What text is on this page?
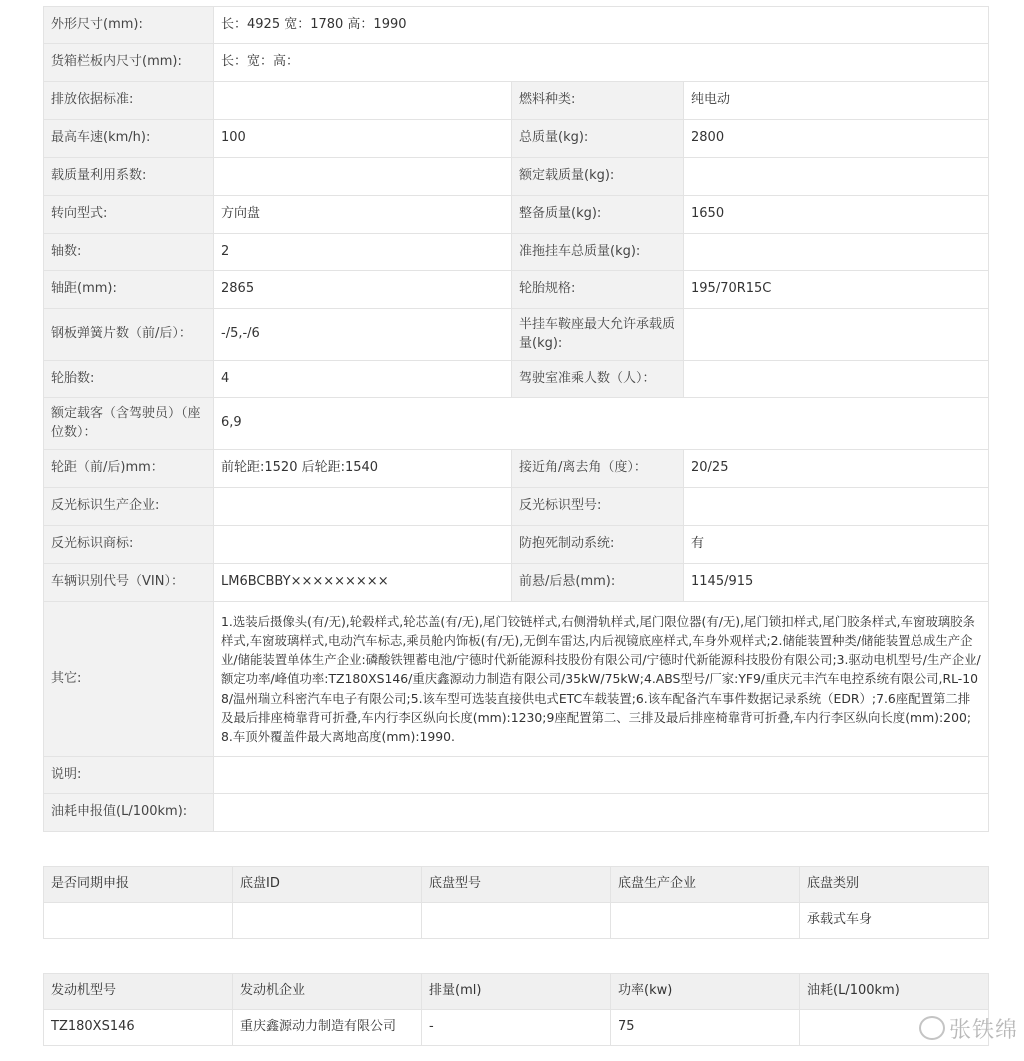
外形尺寸(mm):	长：4925 宽：1780 高：1990		
货箱栏板内尺寸(mm):	长：宽：高：		
排放依据标准:		燃料种类:	纯电动
最高车速(km/h):	100	总质量(kg):	2800
载质量利用系数:		额定载质量(kg):	
转向型式:	方向盘	整备质量(kg):	1650
轴数:	2	准拖挂车总质量(kg):	
轴距(mm):	2865	轮胎规格:	195/70R15C
钢板弹簧片数（前/后）：	-/5,-/6	半挂车鞍座最大允许承载质量(kg):	
轮胎数:	4	驾驶室准乘人数（人）：	
额定载客（含驾驶员）（座位数）：	6,9		
轮距（前/后)mm：	前轮距:1520 后轮距:1540	接近角/离去角（度）：	20/25
反光标识生产企业:		反光标识型号:	
反光标识商标:		防抱死制动系统:	有
车辆识别代号（VIN）：	LM6BCBBY×××××××××	前悬/后悬(mm):	1145/915
其它:	1.选装后摄像头(有/无),轮毂样式,轮芯盖(有/无),尾门铰链样式,右侧滑轨样式,尾门限位器(有/无),尾门锁扣样式,尾门胶条样式,车窗玻璃胶条样式,车窗玻璃样式,电动汽车标志,乘员舱内饰板(有/无),无倒车雷达,内后视镜底座样式,车身外观样式;2.储能装置种类/储能装置总成生产企业/储能装置单体生产企业:磷酸铁锂蓄电池/宁德时代新能源科技股份有限公司/宁德时代新能源科技股份有限公司;3.驱动电机型号/生产企业/额定功率/峰值功率:TZ180XS146/重庆鑫源动力制造有限公司/35kW/75kW;4.ABS型号/厂家:YF9/重庆元丰汽车电控系统有限公司,RL-108/温州瑞立科密汽车电子有限公司;5.该车型可选装直接供电式ETC车载装置;6.该车配备汽车事件数据记录系统（EDR）;7.6座配置第二排及最后排座椅靠背可折叠,车内行李区纵向长度(mm):1230;9座配置第二、三排及最后排座椅靠背可折叠,车内行李区纵向长度(mm):200;8.车顶外覆盖件最大离地高度(mm):1990.		
说明:			
油耗申报值(L/100km):			
是否同期申报	底盘ID	底盘型号	底盘生产企业	底盘类别
				承载式车身
发动机型号	发动机企业	排量(ml)	功率(kw)	油耗(L/100km)
TZ180XS146	重庆鑫源动力制造有限公司	-	75		张铁绵
